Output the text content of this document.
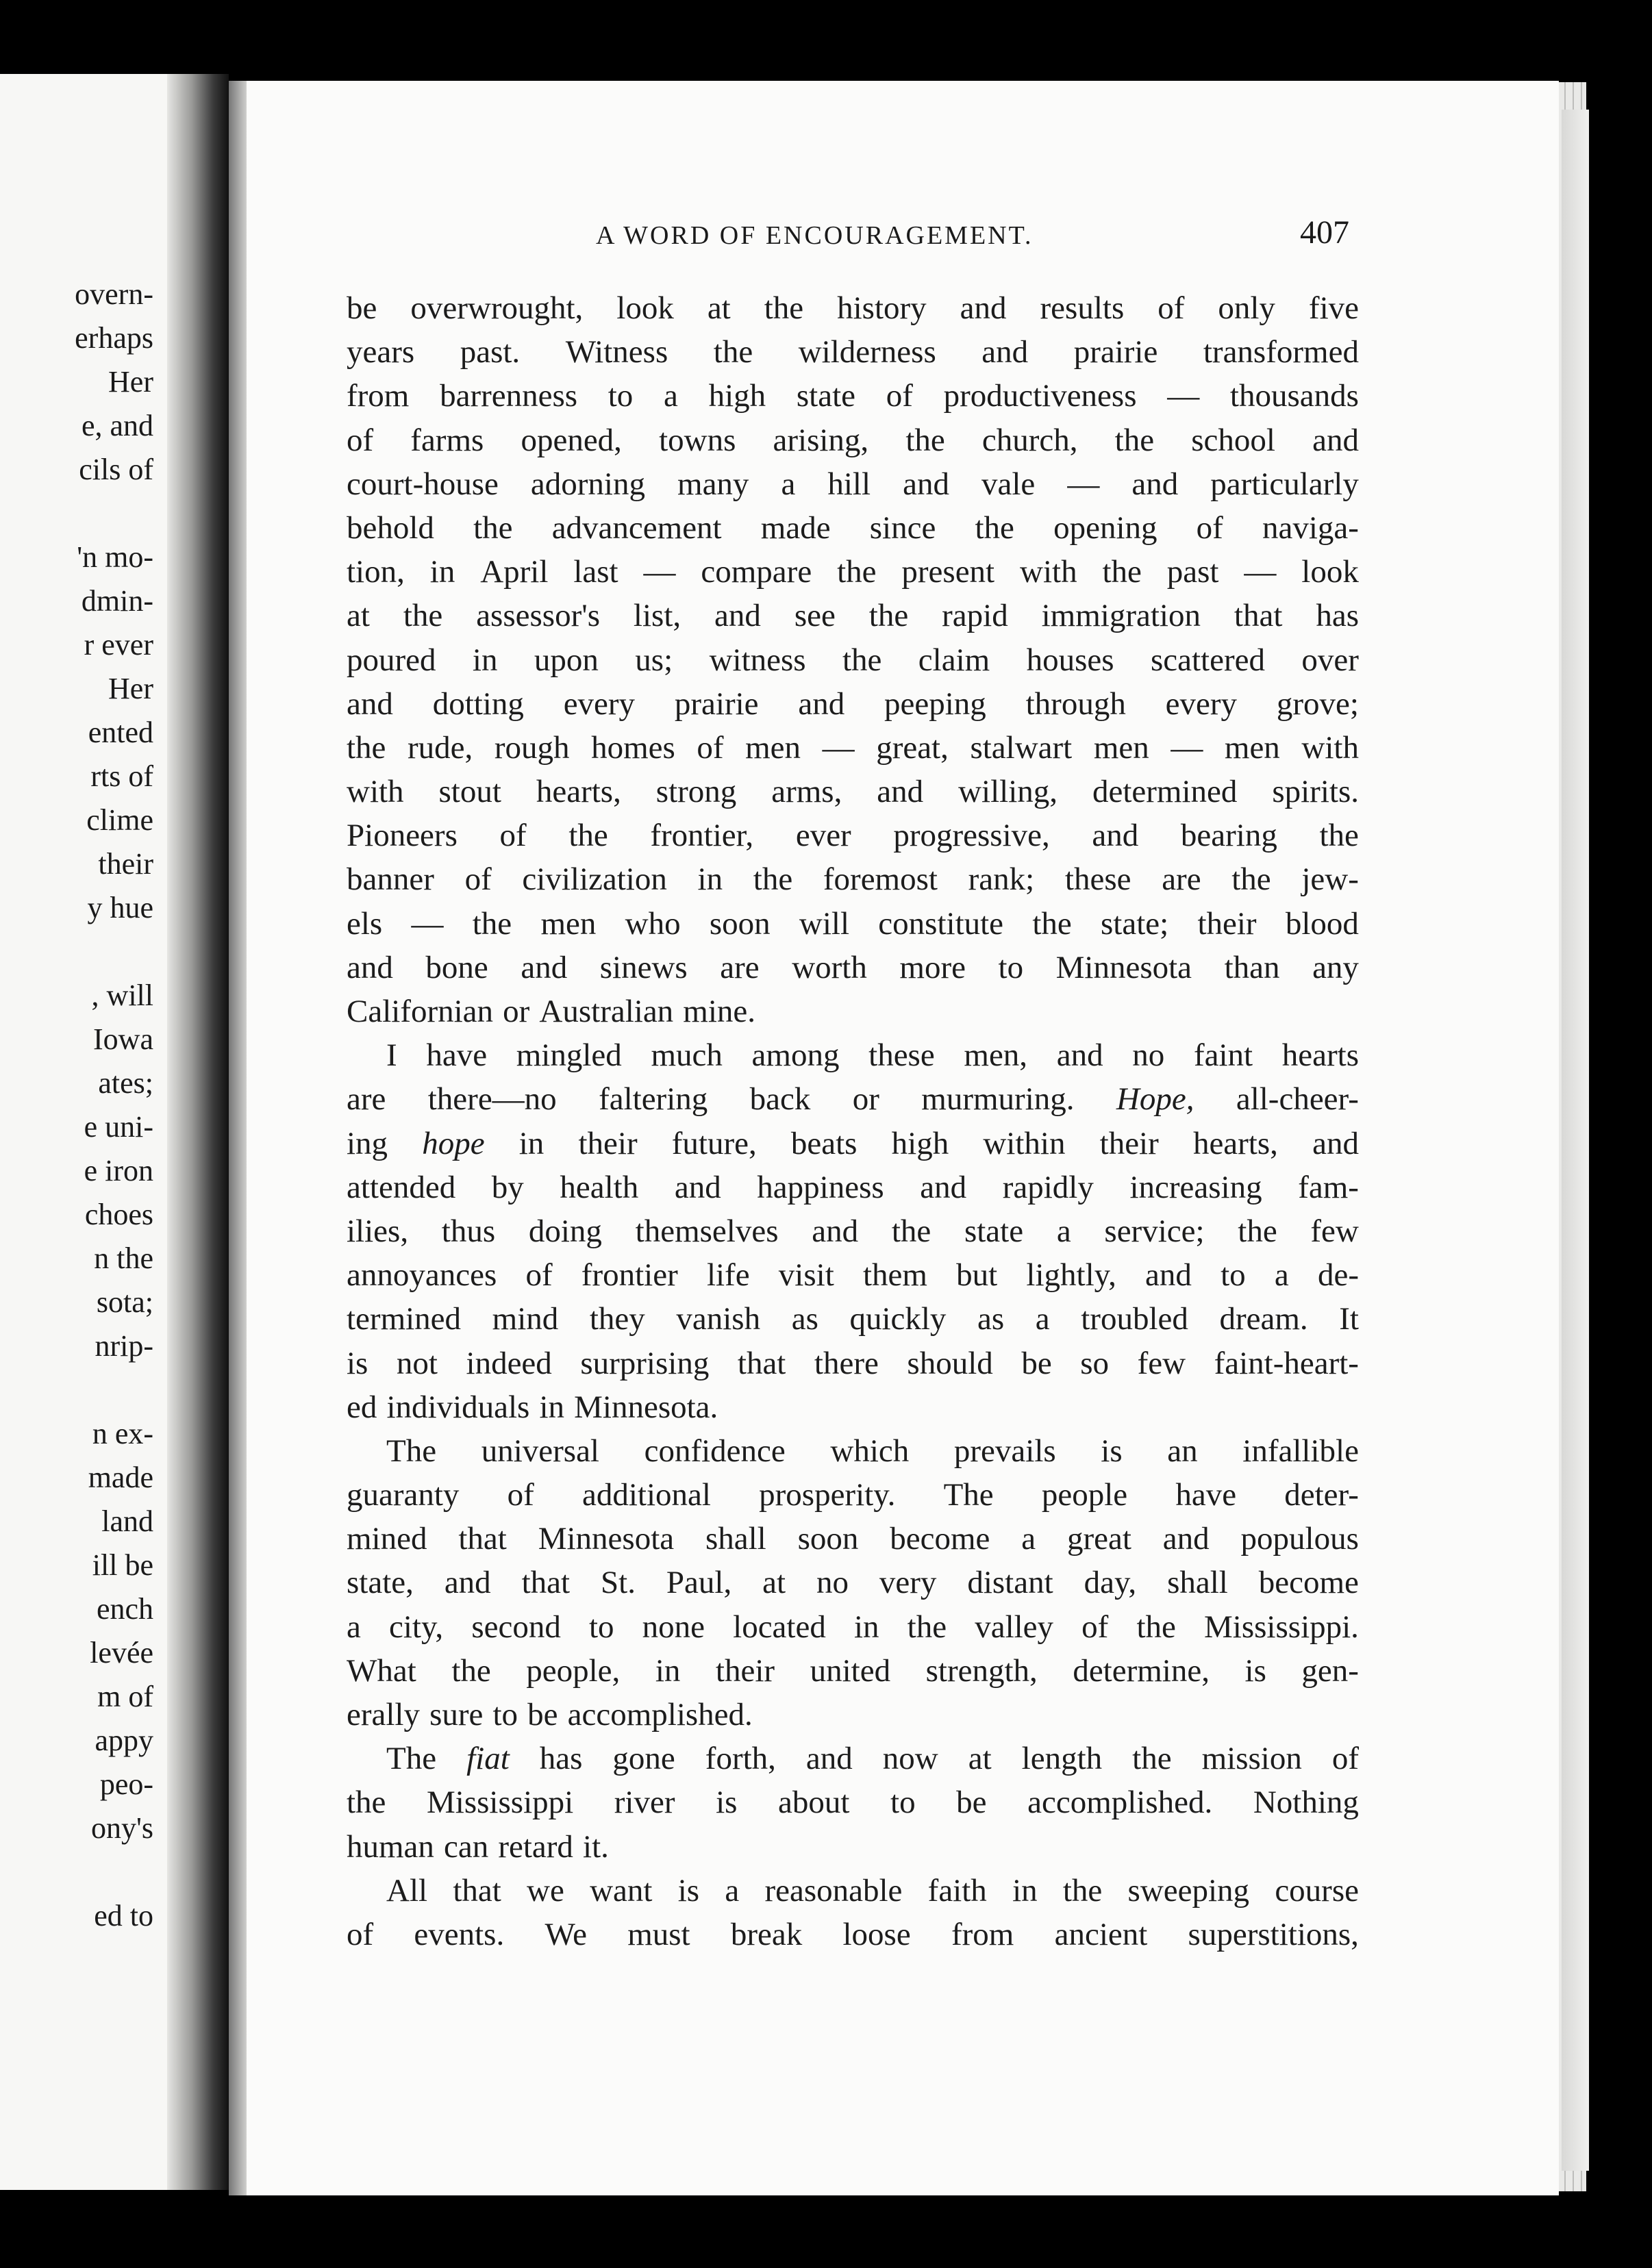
overn-
erhaps
Her
e, and
cils of
'n mo-
dmin-
r ever
Her
ented
rts of
clime
their
y hue
, will
Iowa
ates;
e uni-
e iron
choes
n the
sota;
nrip-
n ex-
made
land
ill be
ench
levée
m of
appy
peo-
ony's
ed to
A WORD OF ENCOURAGEMENT.	407
be overwrought, look at the history and results of only five
years past. Witness the wilderness and prairie transformed
from barrenness to a high state of productiveness — thousands
of farms opened, towns arising, the church, the school and
court-house adorning many a hill and vale — and particularly
behold the advancement made since the opening of naviga-
tion, in April last — compare the present with the past — look
at the assessor's list, and see the rapid immigration that has
poured in upon us; witness the claim houses scattered over
and dotting every prairie and peeping through every grove;
the rude, rough homes of men — great, stalwart men — men with
with stout hearts, strong arms, and willing, determined spirits.
Pioneers of the frontier, ever progressive, and bearing the
banner of civilization in the foremost rank; these are the jew-
els — the men who soon will constitute the state; their blood
and bone and sinews are worth more to Minnesota than any
Californian or Australian mine.
I have mingled much among these men, and no faint hearts
are there—no faltering back or murmuring. Hope, all-cheer-
ing hope in their future, beats high within their hearts, and
attended by health and happiness and rapidly increasing fam-
ilies, thus doing themselves and the state a service; the few
annoyances of frontier life visit them but lightly, and to a de-
termined mind they vanish as quickly as a troubled dream. It
is not indeed surprising that there should be so few faint-heart-
ed individuals in Minnesota.
The universal confidence which prevails is an infallible
guaranty of additional prosperity. The people have deter-
mined that Minnesota shall soon become a great and populous
state, and that St. Paul, at no very distant day, shall become
a city, second to none located in the valley of the Mississippi.
What the people, in their united strength, determine, is gen-
erally sure to be accomplished.
The fiat has gone forth, and now at length the mission of
the Mississippi river is about to be accomplished. Nothing
human can retard it.
All that we want is a reasonable faith in the sweeping course
of events. We must break loose from ancient superstitions,
